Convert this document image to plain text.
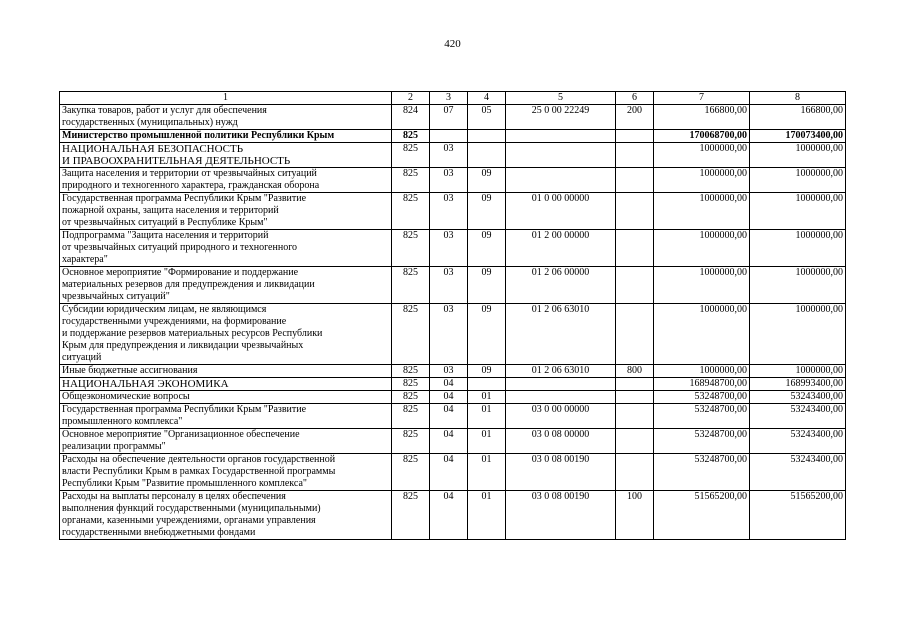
420
1	2	3	4	5	6	7	8
Закупка товаров, работ и услуг для обеспечения
государственных (муниципальных) нужд	824	07	05	25 0 00 22249	200	166800,00	166800,00
Министерство промышленной политики Республики Крым	825					170068700,00	170073400,00
НАЦИОНАЛЬНАЯ БЕЗОПАСНОСТЬ
И ПРАВООХРАНИТЕЛЬНАЯ ДЕЯТЕЛЬНОСТЬ	825	03				1000000,00	1000000,00
Защита населения и территории от чрезвычайных ситуаций
природного и техногенного характера, гражданская оборона	825	03	09			1000000,00	1000000,00
Государственная программа Республики Крым "Развитие
пожарной охраны, защита населения и территорий
от чрезвычайных ситуаций в Республике Крым"	825	03	09	01 0 00 00000		1000000,00	1000000,00
Подпрограмма "Защита населения и территорий
от чрезвычайных ситуаций природного и техногенного
характера"	825	03	09	01 2 00 00000		1000000,00	1000000,00
Основное мероприятие "Формирование и поддержание
материальных резервов для предупреждения и ликвидации
чрезвычайных ситуаций"	825	03	09	01 2 06 00000		1000000,00	1000000,00
Субсидии юридическим лицам, не являющимся
государственными учреждениями, на формирование
и поддержание резервов материальных ресурсов Республики
Крым для предупреждения и ликвидации чрезвычайных
ситуаций	825	03	09	01 2 06 63010		1000000,00	1000000,00
Иные бюджетные ассигнования	825	03	09	01 2 06 63010	800	1000000,00	1000000,00
НАЦИОНАЛЬНАЯ ЭКОНОМИКА	825	04				168948700,00	168993400,00
Общеэкономические вопросы	825	04	01			53248700,00	53243400,00
Государственная программа Республики Крым "Развитие
промышленного комплекса"	825	04	01	03 0 00 00000		53248700,00	53243400,00
Основное мероприятие "Организационное обеспечение
реализации программы"	825	04	01	03 0 08 00000		53248700,00	53243400,00
Расходы на обеспечение деятельности органов государственной
власти Республики Крым в рамках Государственной программы
Республики Крым "Развитие промышленного комплекса"	825	04	01	03 0 08 00190		53248700,00	53243400,00
Расходы на выплаты персоналу в целях обеспечения
выполнения функций государственными (муниципальными)
органами, казенными учреждениями, органами управления
государственными внебюджетными фондами	825	04	01	03 0 08 00190	100	51565200,00	51565200,00
